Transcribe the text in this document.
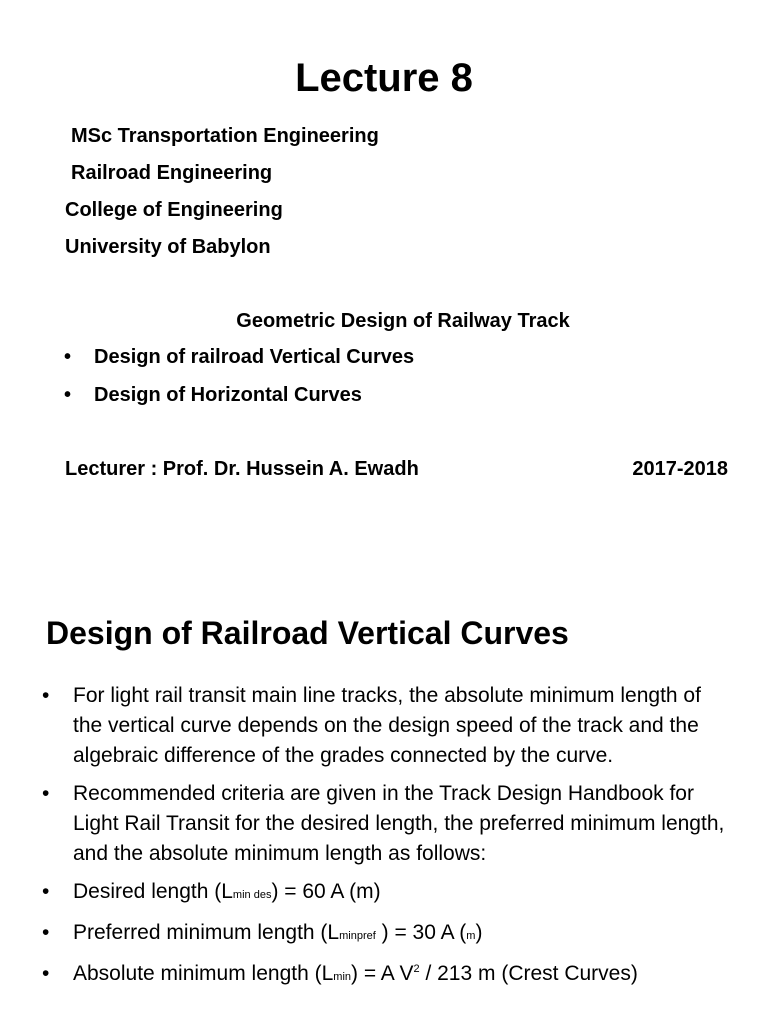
Lecture 8
MSc Transportation Engineering
Railroad Engineering
College of Engineering
University of Babylon
Geometric Design of Railway Track
• Design of railroad Vertical Curves
• Design of Horizontal Curves
Lecturer : Prof. Dr. Hussein A. Ewadh	2017-2018
Design of Railroad Vertical Curves
• For light rail transit main line tracks, the absolute minimum length of the vertical curve depends on the design speed of the track and the algebraic difference of the grades connected by the curve.
• Recommended criteria are given in the Track Design Handbook for Light Rail Transit for the desired length, the preferred minimum length, and the absolute minimum length as follows:
• Desired length (Lmin des) = 60 A (m)
• Preferred minimum length (Lminpref ) = 30 A (m)
• Absolute minimum length (Lmin) = A $V^2 / 213$ m (Crest Curves)
